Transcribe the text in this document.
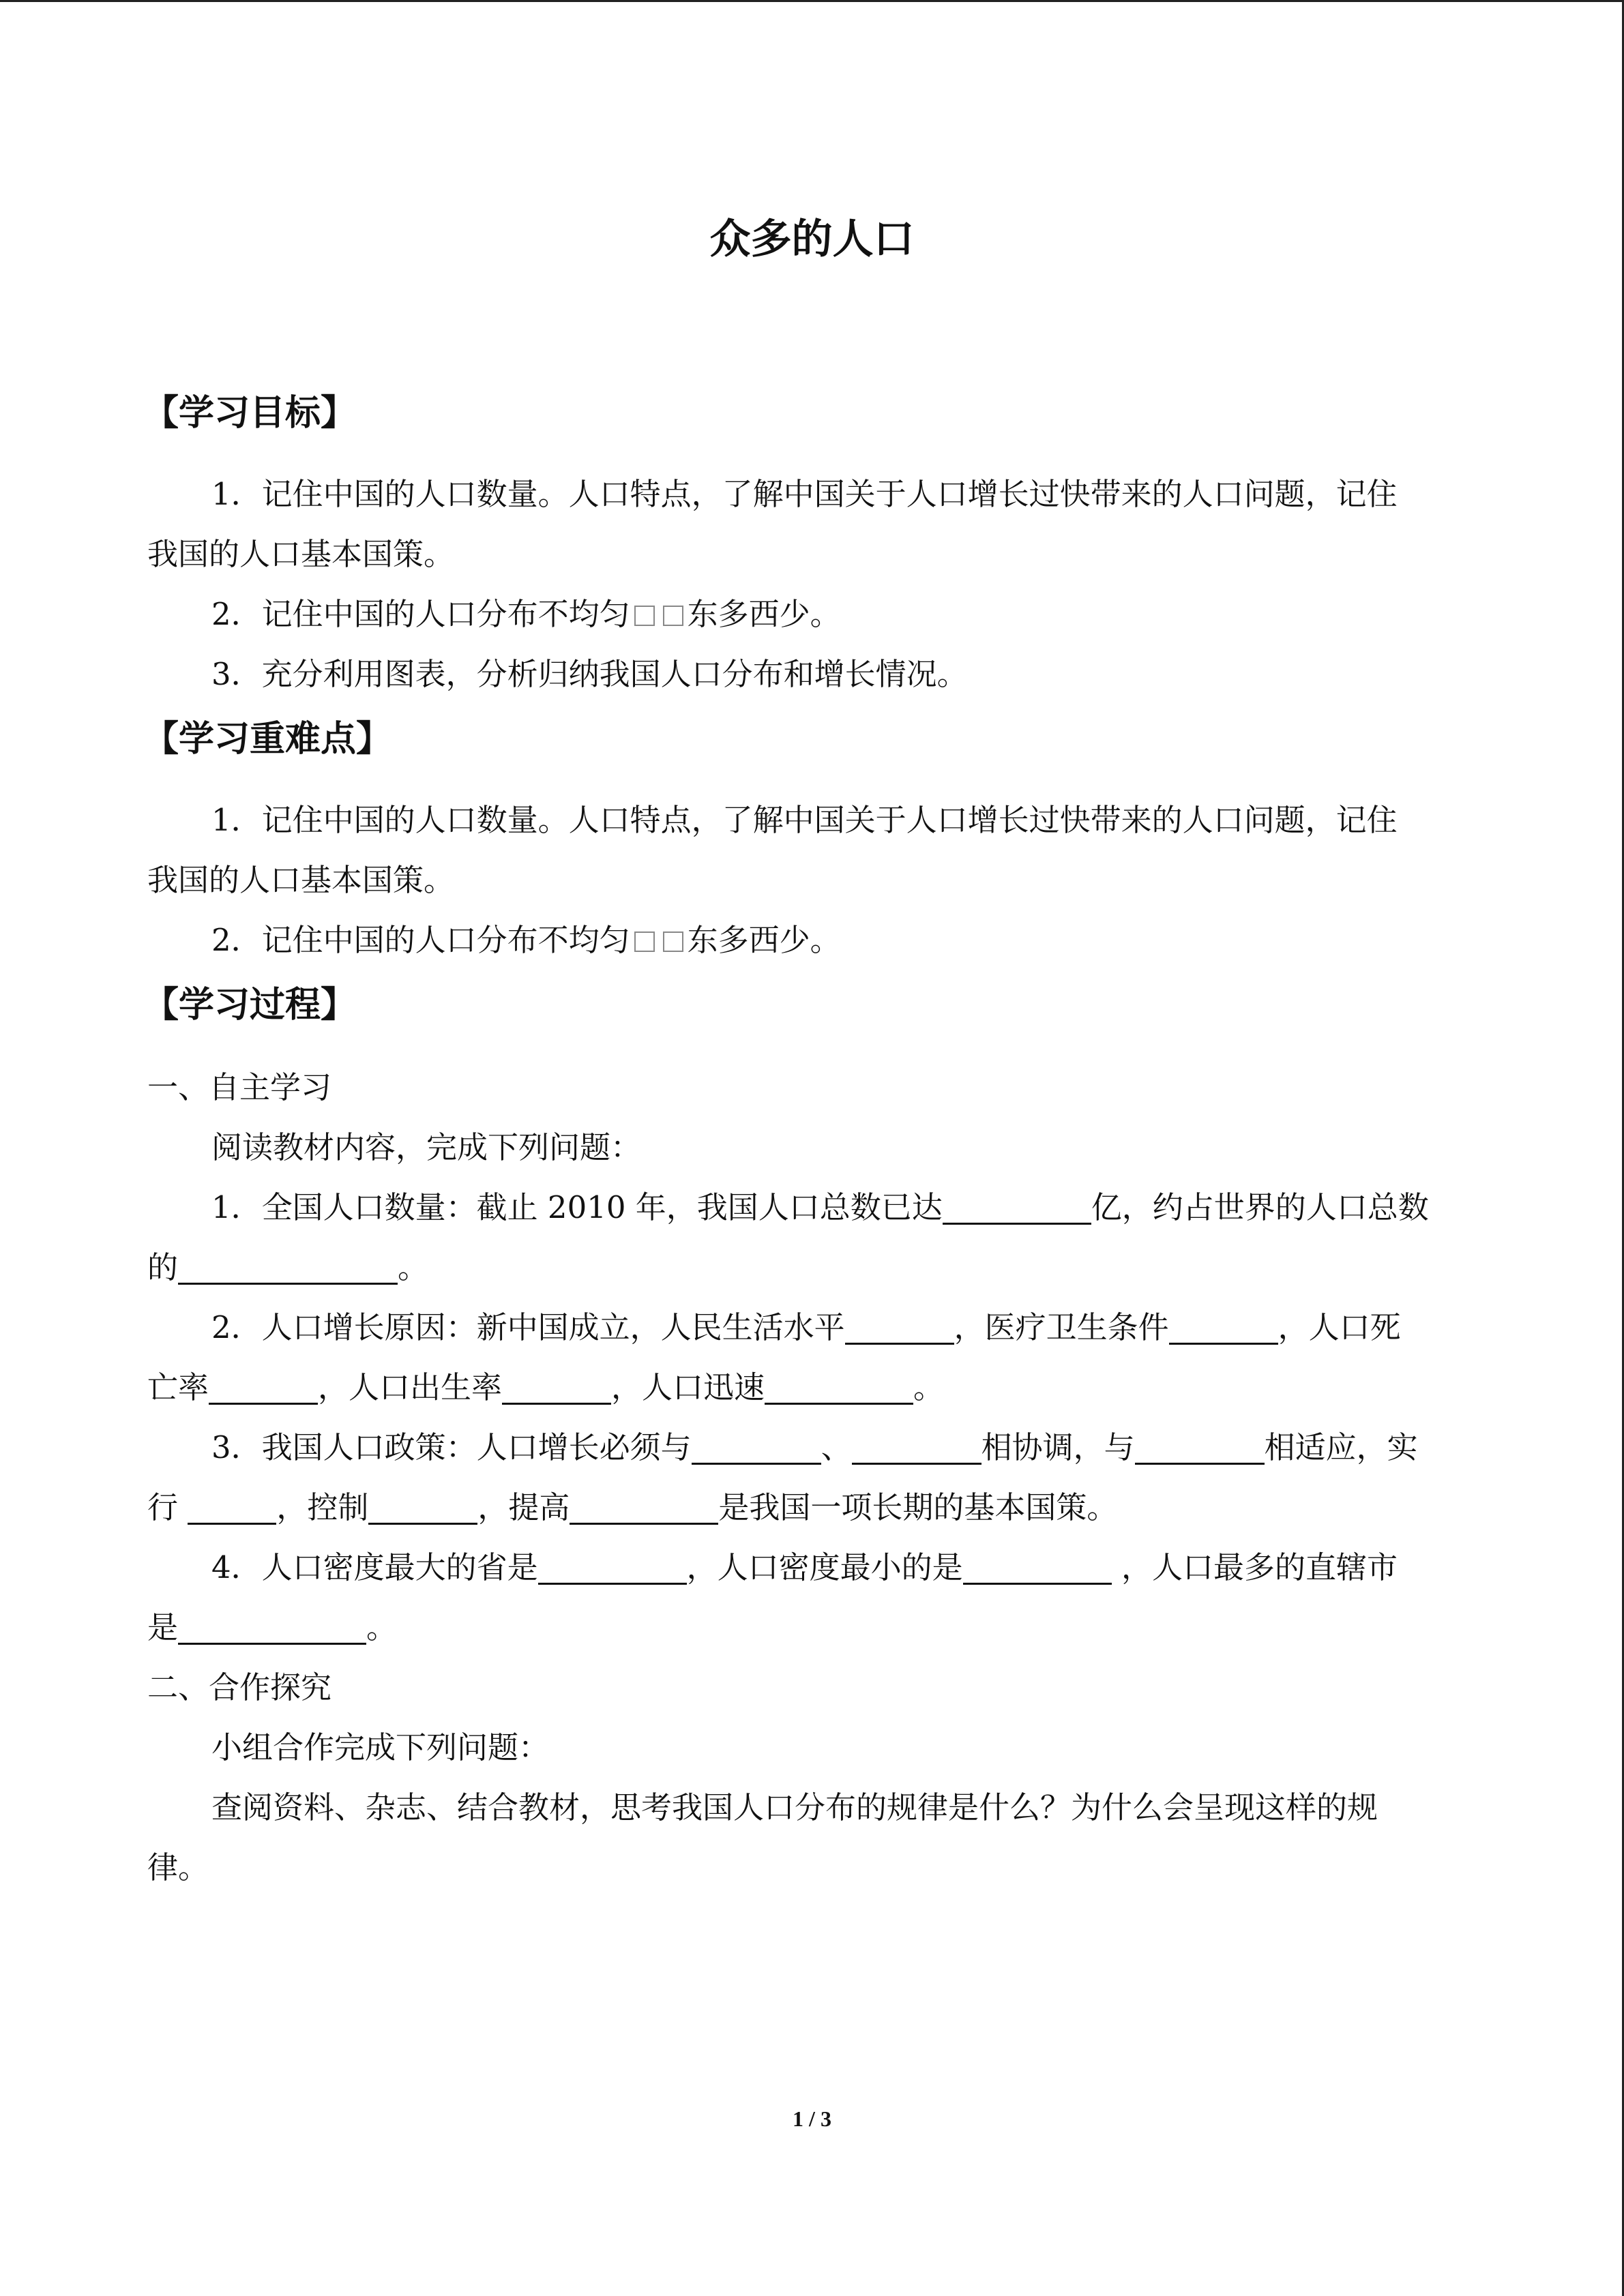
众多的人口
【学习目标】
1．记住中国的人口数量。人口特点，了解中国关于人口增长过快带来的人口问题，记住
我国的人口基本国策。
2．记住中国的人口分布不均匀 东多西少。
3．充分利用图表，分析归纳我国人口分布和增长情况。
【学习重难点】
1．记住中国的人口数量。人口特点，了解中国关于人口增长过快带来的人口问题，记住
我国的人口基本国策。
2．记住中国的人口分布不均匀 东多西少。
【学习过程】
一、自主学习
阅读教材内容，完成下列问题：
1．全国人口数量：截止 2010 年，我国人口总数已达	亿，约占世界的人口总数
的	。
2．人口增长原因：新中国成立，人民生活水平	，医疗卫生条件	，人口死
亡率	，人口出生率	，人口迅速	。
3．我国人口政策：人口增长必须与	、	相协调，与	相适应，实
行	，控制	，提高	是我国一项长期的基本国策。
4．人口密度最大的省是	，人口密度最小的是	，人口最多的直辖市
是	。
二、合作探究
小组合作完成下列问题：
查阅资料、杂志、结合教材，思考我国人口分布的规律是什么？为什么会呈现这样的规
律。
1 / 3
